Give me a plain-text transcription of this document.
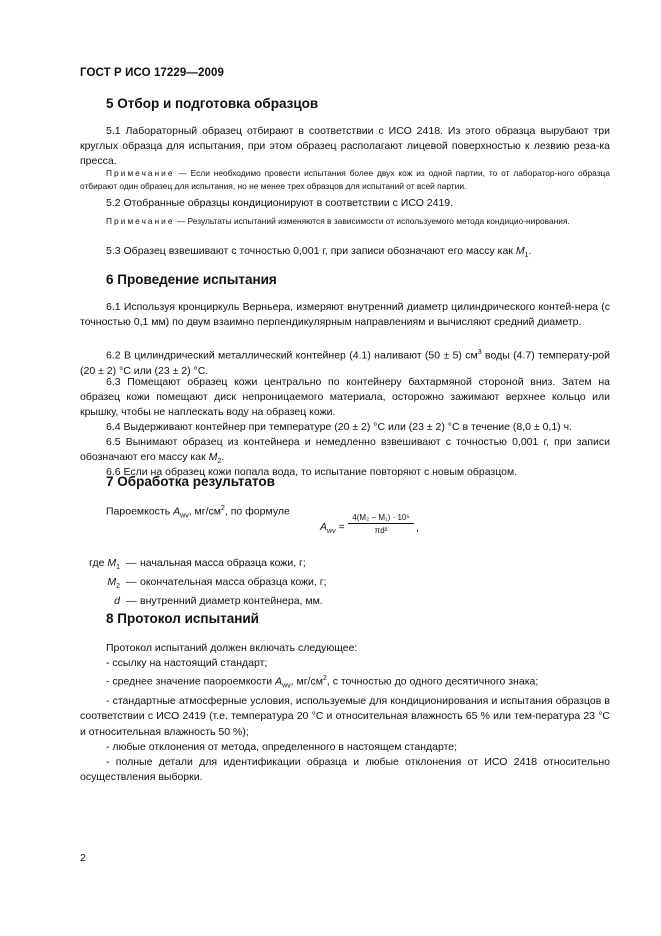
ГОСТ Р ИСО 17229—2009
5 Отбор и подготовка образцов
5.1 Лабораторный образец отбирают в соответствии с ИСО 2418. Из этого образца вырубают три круглых образца для испытания, при этом образец располагают лицевой поверхностью к лезвию реза-ка пресса.
Примечание — Если необходимо провести испытания более двух кож из одной партии, то от лаборатор-ного образца отбирают один образец для испытания, но не менее трех образцов для испытаний от всей партии.
5.2 Отобранные образцы кондиционируют в соответствии с ИСО 2419.
Примечание — Результаты испытаний изменяются в зависимости от используемого метода кондицио-нирования.
5.3 Образец взвешивают с точностью 0,001 г, при записи обозначают его массу как $M_1$.
6 Проведение испытания
6.1 Используя кронциркуль Верньера, измеряют внутренний диаметр цилиндрического контей-нера (с точностью 0,1 мм) по двум взаимно перпендикулярным направлениям и вычисляют средний диаметр.
6.2 В цилиндрический металлический контейнер (4.1) наливают (50 ± 5) $см^3$ воды (4.7) температу-рой (20 ± 2) °С или (23 ± 2) °С.
6.3 Помещают образец кожи центрально по контейнеру бахтармяной стороной вниз. Затем на образец кожи помещают диск непроницаемого материала, осторожно зажимают верхнее кольцо или крышку, чтобы не наплескать воду на образец кожи.
6.4 Выдерживают контейнер при температуре (20 ± 2) °С или (23 ± 2) °С в течение (8,0 ± 0,1) ч.
6.5 Вынимают образец из контейнера и немедленно взвешивают с точностью 0,001 г, при записи обозначают его массу как $M_2$.
6.6 Если на образец кожи попала вода, то испытание повторяют с новым образцом.
7 Обработка результатов
Пароемкость $A_{wv}$, $мг/см^2$, по формуле
$A_{wv} = \frac{\text{4(M₂ − M₁) · 10⁵}}{\text{πd²}}$ ,
где $M_1$ — начальная масса образца кожи, г;
$M_2$ — окончательная масса образца кожи, г;
d — внутренний диаметр контейнера, мм.
8 Протокол испытаний
Протокол испытаний должен включать следующее:
- ссылку на настоящий стандарт;
- среднее значение паороемкости $A_{wv}$, $мг/см^2$, с точностью до одного десятичного знака;
- стандартные атмосферные условия, используемые для кондиционирования и испытания образцов в соответствии с ИСО 2419 (т.е. температура 20 °С и относительная влажность 65 % или тем-пература 23 °С и относительная влажность 50 %);
- любые отклонения от метода, определенного в настоящем стандарте;
- полные детали для идентификации образца и любые отклонения от ИСО 2418 относительно осуществления выборки.
2
